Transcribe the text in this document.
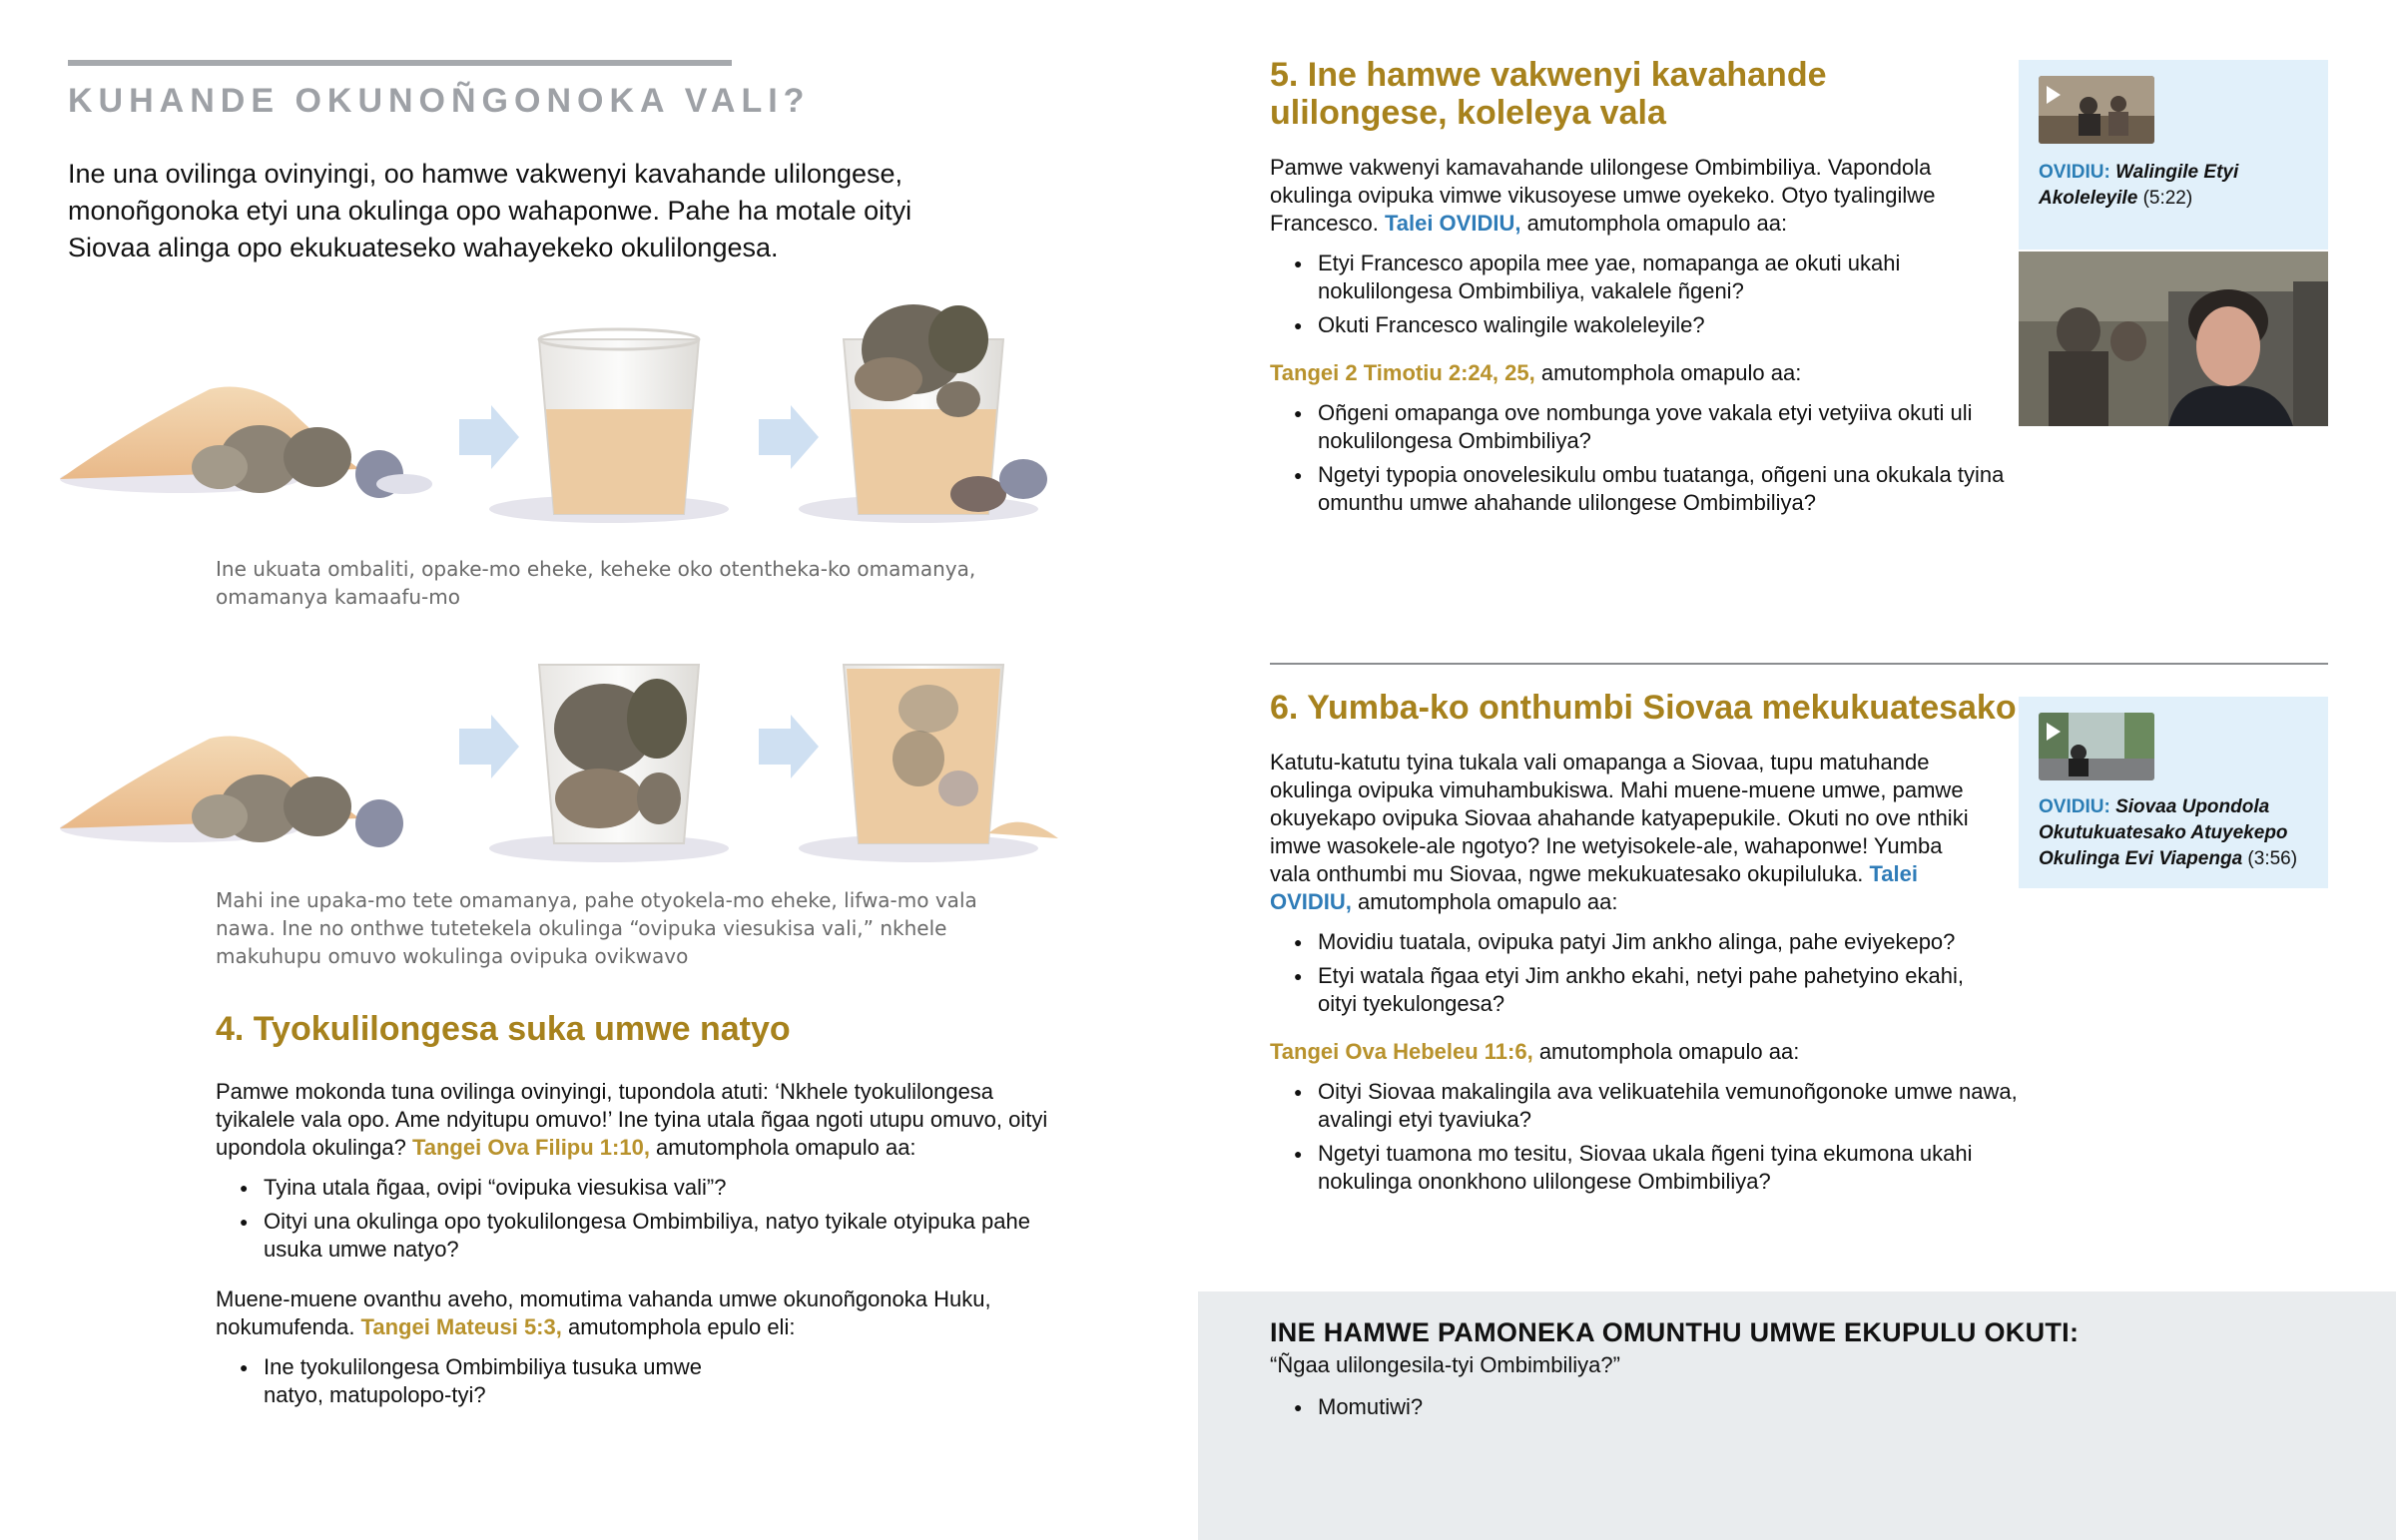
KUHANDE OKUNOÑGONOKA VALI?

Ine una ovilinga ovinyingi, oo hamwe vakwenyi kavahande ulilongese, monoñgonoka etyi una okulinga opo wahaponwe. Pahe ha motale oityi Siovaa alinga opo ekukuateseko wahayekeko okulilongesa.

Ine ukuata ombaliti, opake-mo eheke, keheke oko otentheka-ko omamanya, omamanya kamaafu-mo

Mahi ine upaka-mo tete omamanya, pahe otyokela-mo eheke, lifwa-mo vala nawa. Ine no onthwe tutetekela okulinga “ovipuka viesukisa vali,” nkhele makuhupu omuvo wokulinga ovipuka ovikwavo

4. Tyokulilongesa suka umwe natyo

Pamwe mokonda tuna ovilinga ovinyingi, tupondola atuti: ‘Nkhele tyokulilongesa tyikalele vala opo. Ame ndyitupu omuvo!’ Ine tyina utala ñgaa ngoti utupu omuvo, oityi upondola okulinga? Tangei Ova Filipu 1:10, amutomphola omapulo aa:

● Tyina utala ñgaa, ovipi “ovipuka viesukisa vali”?
● Oityi una okulinga opo tyokulilongesa Ombimbiliya, natyo tyikale otyipuka pahe usuka umwe natyo?

Muene-muene ovanthu aveho, momutima vahanda umwe okunoñgonoka Huku, nokumufenda. Tangei Mateusi 5:3, amutomphola epulo eli:

● Ine tyokulilongesa Ombimbiliya tusuka umwe natyo, matupolopo-tyi?
5. Ine hamwe vakwenyi kavahande ulilongese, koleleya vala

Pamwe vakwenyi kamavahande ulilongese Ombimbiliya. Vapondola okulinga ovipuka vimwe vikusoyese umwe oyekeko. Otyo tyalingilwe Francesco. Talei OVIDIU, amutomphola omapulo aa:

● Etyi Francesco apopila mee yae, nomapanga ae okuti ukahi nokulilongesa Ombimbiliya, vakalele ñgeni?
● Okuti Francesco walingile wakoleleyile?

Tangei 2 Timotiu 2:24, 25, amutomphola omapulo aa:

● Oñgeni omapanga ove nombunga yove vakala etyi vetyiiva okuti uli nokulilongesa Ombimbiliya?
● Ngetyi typopia onovelesikulu ombu tuatanga, oñgeni una okukala tyina omunthu umwe ahahande ulilongese Ombimbiliya?
OVIDIU: Walingile Etyi Akoleleyile (5:22)
6. Yumba-ko onthumbi Siovaa mekukuatesako

Katutu-katutu tyina tukala vali omapanga a Siovaa, tupu matuhande okulinga ovipuka vimuhambukiswa. Mahi muene-muene umwe, pamwe okuyekapo ovipuka Siovaa ahahande katyapepukile. Okuti no ove nthiki imwe wasokele-ale ngotyo? Ine wetyisokele-ale, wahaponwe! Yumba vala onthumbi mu Siovaa, ngwe mekukuatesako okupiluluka. Talei OVIDIU, amutomphola omapulo aa:

● Movidiu tuatala, ovipuka patyi Jim ankho alinga, pahe eviyekepo?
● Etyi watala ñgaa etyi Jim ankho ekahi, netyi pahe pahetyino ekahi, oityi tyekulongesa?

Tangei Ova Hebeleu 11:6, amutomphola omapulo aa:

● Oityi Siovaa makalingila ava velikuatehila vemunoñgonoke umwe nawa, avalingi etyi tyaviuka?
● Ngetyi tuamona mo tesitu, Siovaa ukala ñgeni tyina ekumona ukahi nokulinga ononkhono ulilongese Ombimbiliya?
OVIDIU: Siovaa Upondola Okutukuatesako Atuyekepo Okulinga Evi Viapenga (3:56)
INE HAMWE PAMONEKA OMUNTHU UMWE EKUPULU OKUTI:
“Ñgaa ulilongesila-tyi Ombimbiliya?”
● Momutiwi?
